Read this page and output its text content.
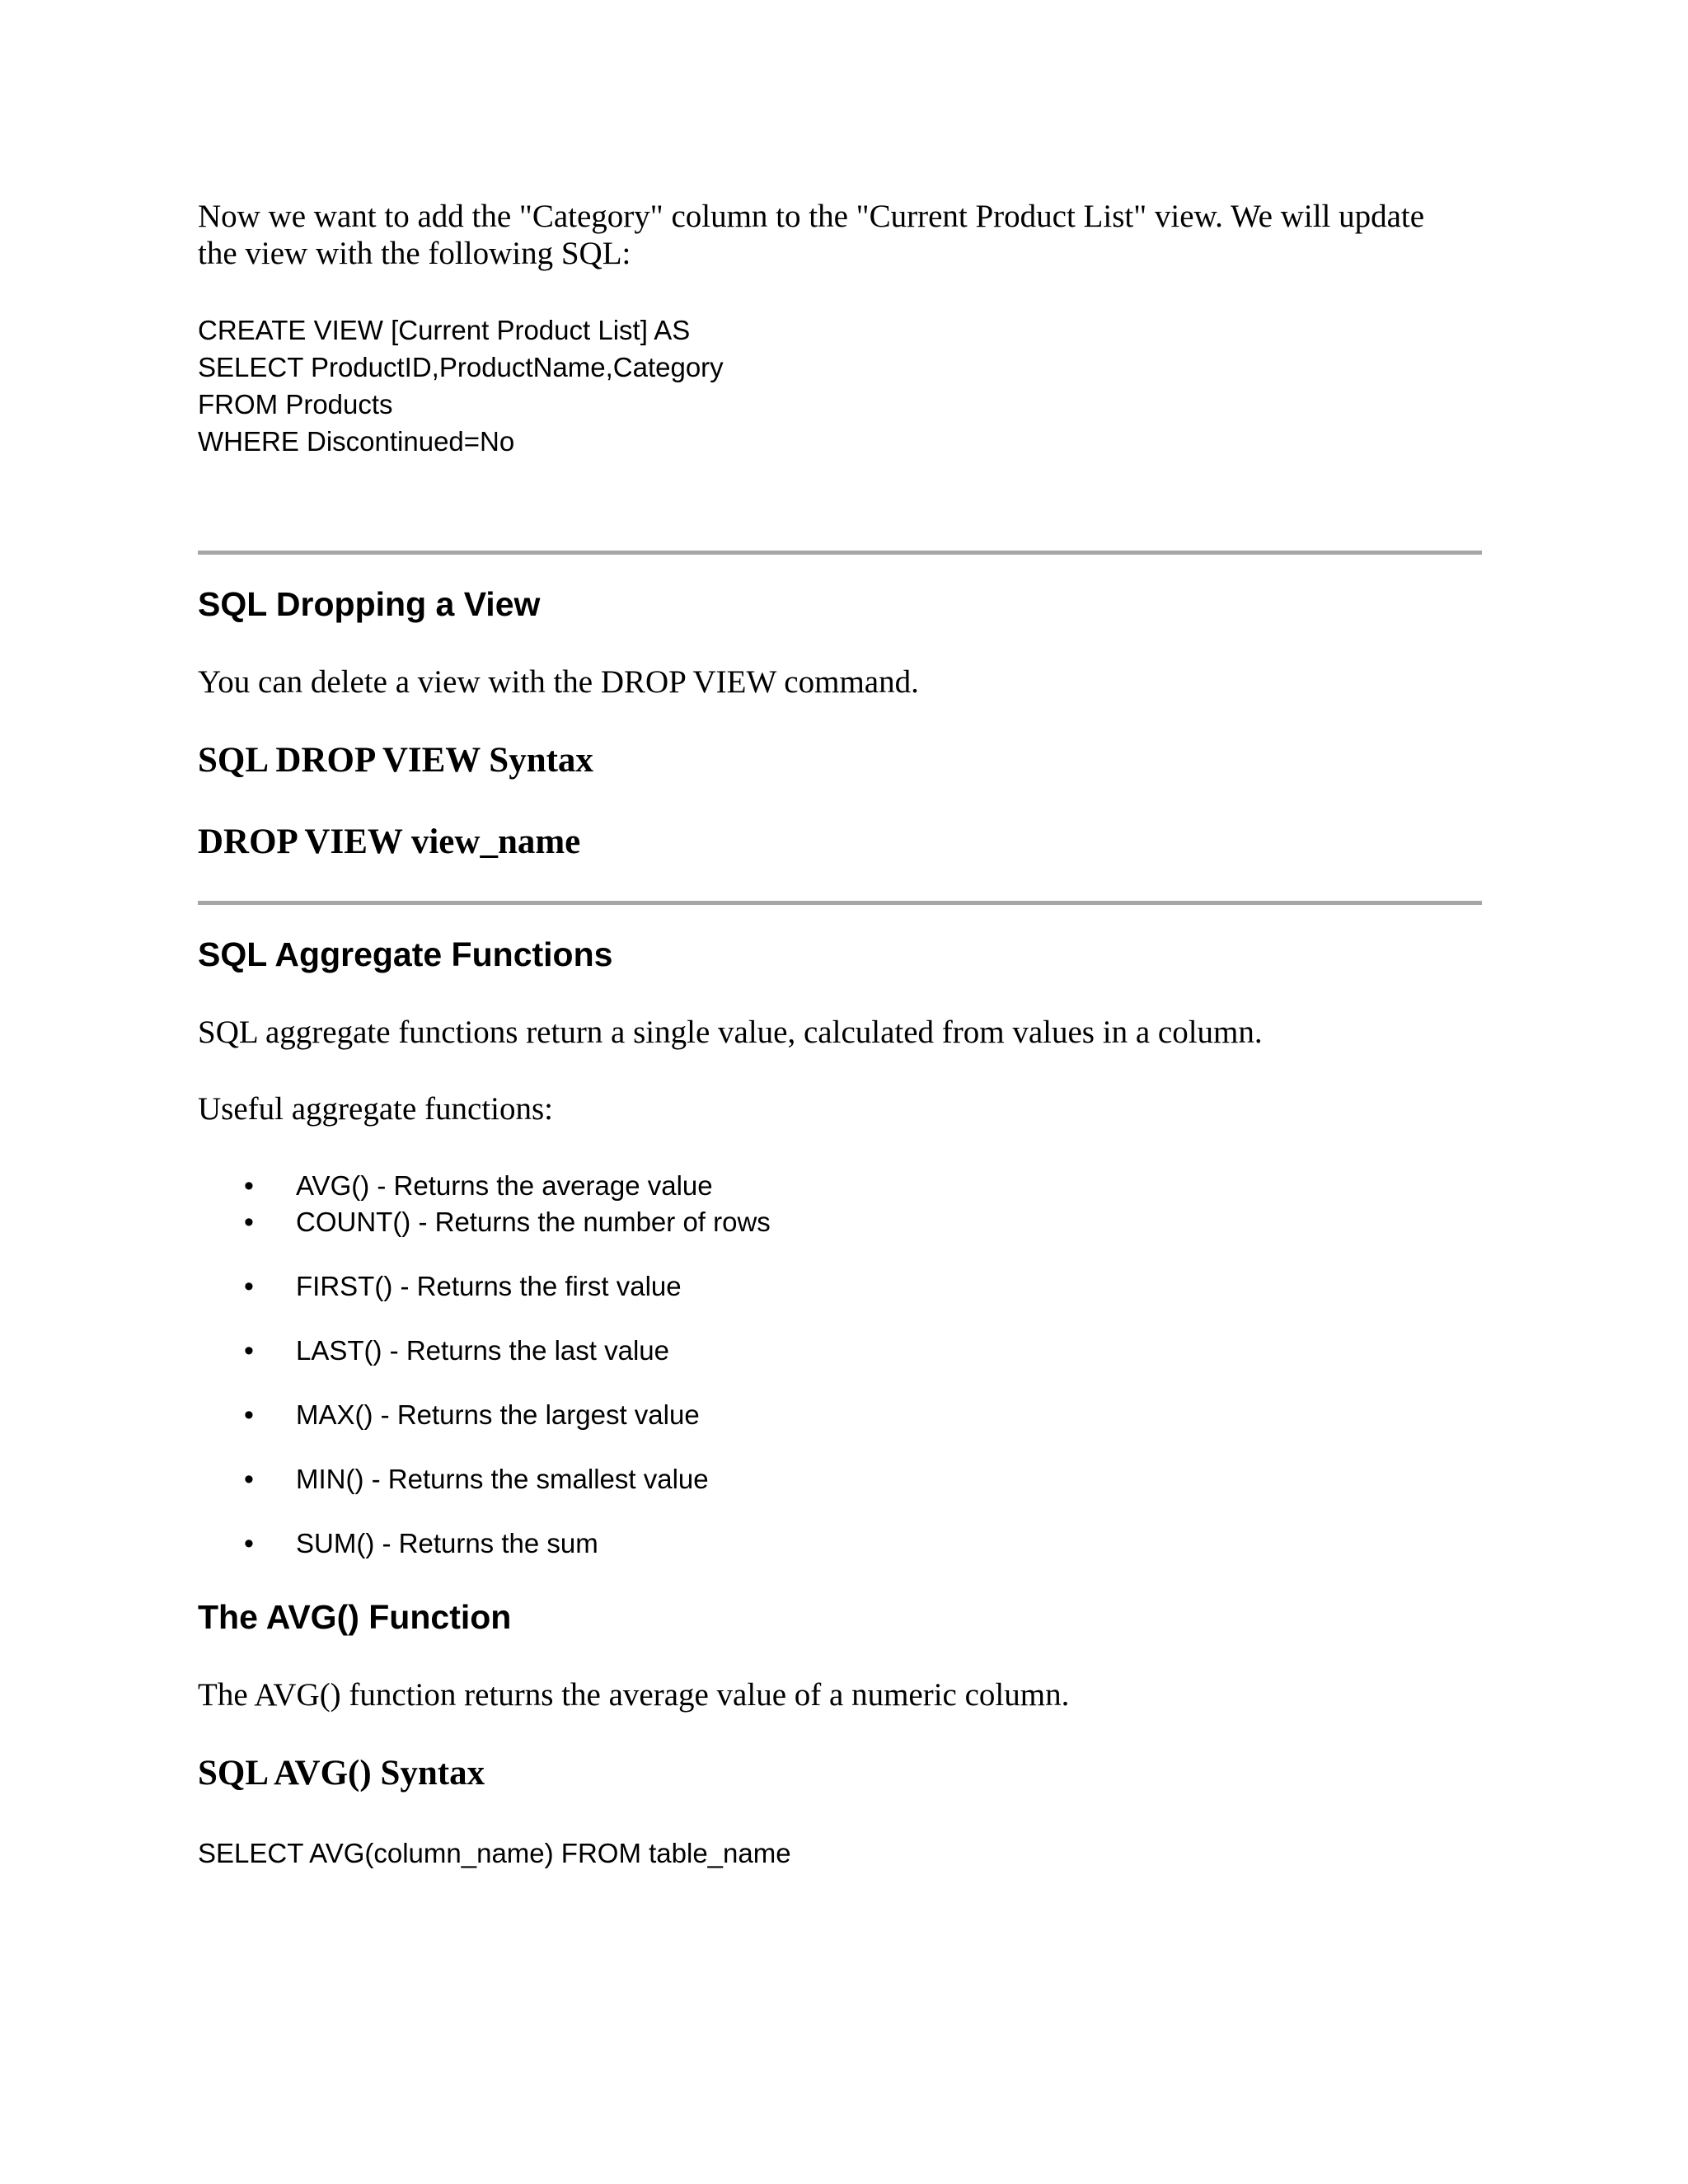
Now we want to add the "Category" column to the "Current Product List" view. We will update
the view with the following SQL:
CREATE VIEW [Current Product List] AS
SELECT ProductID,ProductName,Category
FROM Products
WHERE Discontinued=No
SQL Dropping a View
You can delete a view with the DROP VIEW command.
SQL DROP VIEW Syntax
DROP VIEW view_name
SQL Aggregate Functions
SQL aggregate functions return a single value, calculated from values in a column.
Useful aggregate functions:
• AVG() - Returns the average value
• COUNT() - Returns the number of rows
• FIRST() - Returns the first value
• LAST() - Returns the last value
• MAX() - Returns the largest value
• MIN() - Returns the smallest value
• SUM() - Returns the sum
The AVG() Function
The AVG() function returns the average value of a numeric column.
SQL AVG() Syntax
SELECT AVG(column_name) FROM table_name
